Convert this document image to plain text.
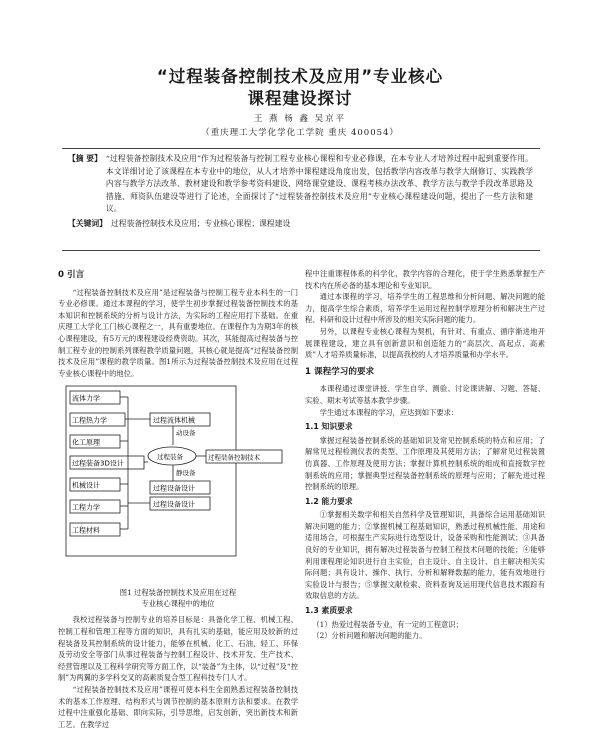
“过程装备控制技术及应用”专业核心
课程建设探讨
王 燕 杨 鑫 吴京平
（重庆理工大学化学化工学院 重庆 400054）
【摘 要】 “过程装备控制技术及应用”作为过程装备与控制工程专业核心课程和专业必修课，在本专业人才培养过程中起到重要作用。本文详细讨论了该课程在本专业中的地位，从人才培养中课程建设角度出发，包括教学内容改革与教学大纲修订、实践教学内容与教学方法改革、教材建设和教学参考资料建设、网络课堂建设、课程考核办法改革、教学方法与教学手段改革思路及措施、师资队伍建设等进行了论述，全面探讨了“过程装备控制技术及应用”专业核心课程建设问题，提出了一些方法和建议。
【关键词】 过程装备控制技术及应用；专业核心课程；课程建设
0 引言

“过程装备控制技术及应用”是过程装备与控制工程专业本科生的一门专业必修课。通过本课程的学习，使学生初步掌握过程装备控制技术的基本知识和控制系统的分析与设计方法，为实际的工程应用打下基础。在重庆理工大学化工门核心课程之一，具有重要地位。在课程作为为期3年的核心课程建设，有5万元的课程建设经费资助。其次，其能提高过程装备与控制工程专业的控制系列课程教学质量问题，其核心就是提高“过程装备控制技术及应用”课程的教学质量。图1所示为过程装备控制技术及应用在过程专业核心课程中的地位。

流体力学
工程热力学
化工原理
过程装备3D设计
机械设计
工程力学
工程材料
过程流体机械
动设备
过程装备	过程装备控制技术
静设备
过程设备设计
过程设备设计

图1 过程装备控制技术及应用在过程

专业核心课程中的地位

我校过程装备与控制专业的培养目标是：具备化学工程、机械工程、控制工程和管理工程等方面的知识，具有扎实的基础，能应用及较新的过程装备及其控制系统的设计能力，能够在机械、化工、石油、轻工、环保及劳动安全等部门从事过程装备与控制工程设计、技术开发、生产技术、经营管理以及工程科学研究等方面工作，以“装备”为主体，以“过程”及“控制”为两翼的多学科交叉的高素质复合型工程科技专门人才。

“过程装备控制技术及应用”课程可使本科生全面熟悉过程装备控制技术的基本工作原理、结构形式与调节控制的基本原则方法和要求。在教学过程中注重强化基础、即向实际，引导思维，启发创新，突出新技术和新工艺。在教学过

程中注重课程体系的科学化，教学内容的合理化，使于学生熟悉掌握生产技术内在所必备的基本理论和专业知识。

通过本课程的学习，培养学生的工程思维和分析问题、解决问题的能力，提高学生综合素质，培养学生运用过程控制学原理分析和解决生产过程、科研和设计过程中所涉及的相关实际问题的能力。

另外，以课程专业核心课程为契机，有针对、有重点、循序渐进地开展课程建设，建立具有创新意识和创造能力的“高层次、高起点、高素质”人才培养质量标准，以提高我校的人才培养质量和办学水平。

1 课程学习的要求

本课程通过课堂讲授、学生自学、测验、讨论课讲解、习题、答疑、实验、期末考试等基本教学步骤。

学生通过本课程的学习，应达到如下要求：

1.1 知识要求

掌握过程装备控制系统的基础知识及常见控制系统的特点和应用；了解常见过程检测仪表的类型、工作原理及其使用方法；了解常见过程装置仿真器、工作原理及使用方法；掌握计算机控制系统的组成和直接数字控制系统的应用；掌握典型过程装备控制系统的原理与应用；了解先进过程控制系统的原理。

1.2 能力要求

①掌握相关数学和相关自然科学及管理知识，具备综合运用基础知识解决问题的能力；②掌握机械工程基础知识，熟悉过程机械性能、用途和适用场合，可根据生产实际进行选型设计，设备采购和性能测试；③具备良好的专业知识，拥有解决过程装备与控制工程技术问题的技能；④能够利用课程理论知识进行自主实验，自主设计、自主设计、自主解决相关实际问题；具有设计、操作、执行、分析和解释数据的能力，能有效地进行实验设计与报告；⑤掌握文献检索、资料查询及运用现代信息技术跟踪有效取信息的方法。

1.3 素质要求

（1）热爱过程装备专业，有一定的工程意识；

（2）分析问题和解决问题的能力。
